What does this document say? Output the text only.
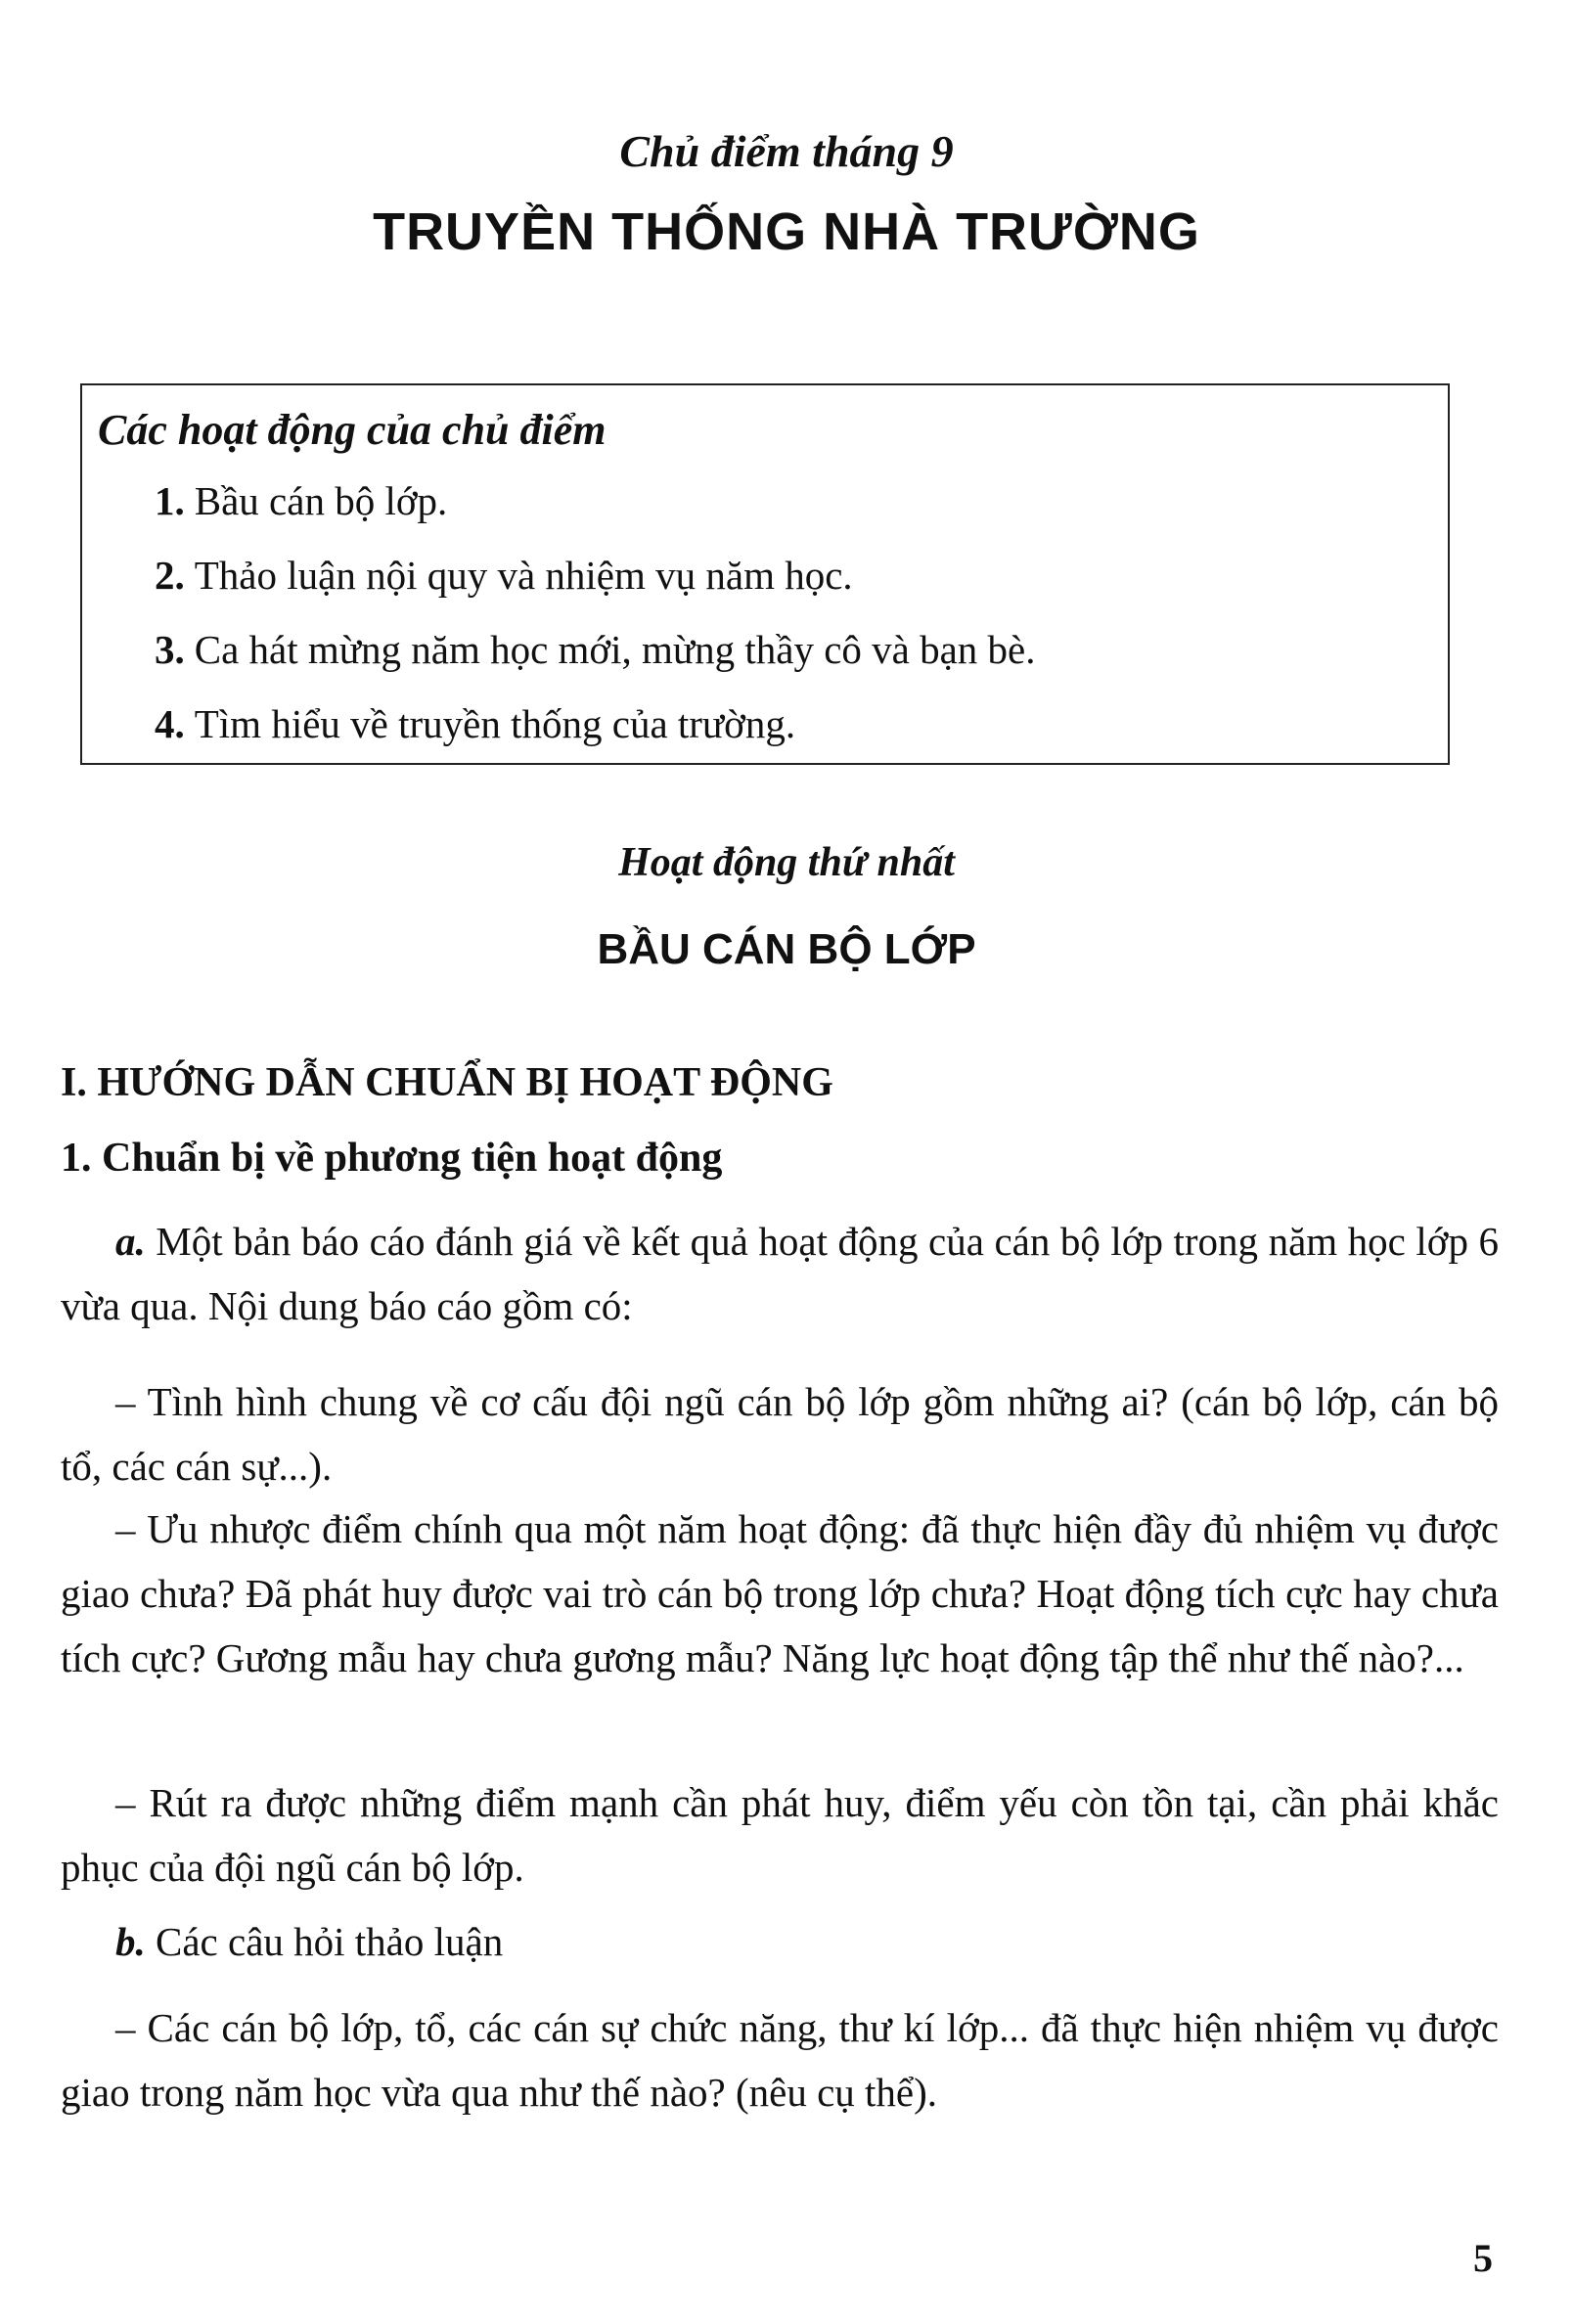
Chủ điểm tháng 9
TRUYỀN THỐNG NHÀ TRƯỜNG
Các hoạt động của chủ điểm
1. Bầu cán bộ lớp.
2. Thảo luận nội quy và nhiệm vụ năm học.
3. Ca hát mừng năm học mới, mừng thầy cô và bạn bè.
4. Tìm hiểu về truyền thống của trường.
Hoạt động thứ nhất
BẦU CÁN BỘ LỚP
I. HƯỚNG DẪN CHUẨN BỊ HOẠT ĐỘNG
1. Chuẩn bị về phương tiện hoạt động

a. Một bản báo cáo đánh giá về kết quả hoạt động của cán bộ lớp trong năm học lớp 6 vừa qua. Nội dung báo cáo gồm có:

– Tình hình chung về cơ cấu đội ngũ cán bộ lớp gồm những ai? (cán bộ lớp, cán bộ tổ, các cán sự...).

– Ưu nhược điểm chính qua một năm hoạt động: đã thực hiện đầy đủ nhiệm vụ được giao chưa? Đã phát huy được vai trò cán bộ trong lớp chưa? Hoạt động tích cực hay chưa tích cực? Gương mẫu hay chưa gương mẫu? Năng lực hoạt động tập thể như thế nào?...

– Rút ra được những điểm mạnh cần phát huy, điểm yếu còn tồn tại, cần phải khắc phục của đội ngũ cán bộ lớp.

b. Các câu hỏi thảo luận

– Các cán bộ lớp, tổ, các cán sự chức năng, thư kí lớp... đã thực hiện nhiệm vụ được giao trong năm học vừa qua như thế nào? (nêu cụ thể).

5
